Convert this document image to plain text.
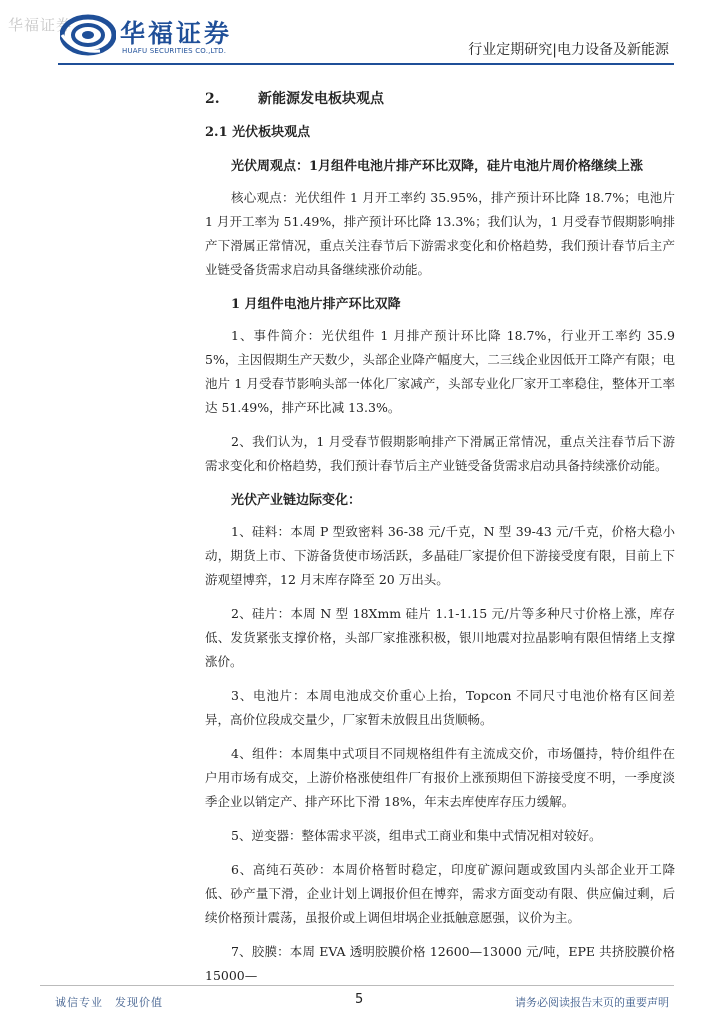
华福证券 华福证券
HUAFU SECURITIES CO.,LTD.	行业定期研究|电力设备及新能源
2.	新能源发电板块观点
2.1 光伏板块观点
光伏周观点：1月组件电池片排产环比双降，硅片电池片周价格继续上涨
核心观点：光伏组件 1 月开工率约 35.95%，排产预计环比降 18.7%；电池片 1 月开工率为 51.49%，排产预计环比降 13.3%；我们认为，1 月受春节假期影响排产下滑属正常情况，重点关注春节后下游需求变化和价格趋势，我们预计春节后主产业链受备货需求启动具备继续涨价动能。
1 月组件电池片排产环比双降
1、事件简介：光伏组件 1 月排产预计环比降 18.7%，行业开工率约 35.95%，主因假期生产天数少，头部企业降产幅度大，二三线企业因低开工降产有限；电池片 1 月受春节影响头部一体化厂家减产，头部专业化厂家开工率稳住，整体开工率达 51.49%，排产环比减 13.3%。
2、我们认为，1 月受春节假期影响排产下滑属正常情况，重点关注春节后下游需求变化和价格趋势，我们预计春节后主产业链受备货需求启动具备持续涨价动能。
光伏产业链边际变化：
1、硅料：本周 P 型致密料 36-38 元/千克，N 型 39-43 元/千克，价格大稳小动，期货上市、下游备货使市场活跃，多晶硅厂家提价但下游接受度有限，目前上下游观望博弈，12 月末库存降至 20 万出头。
2、硅片：本周 N 型 18Xmm 硅片 1.1-1.15 元/片等多种尺寸价格上涨，库存低、发货紧张支撑价格，头部厂家推涨积极，银川地震对拉晶影响有限但情绪上支撑涨价。
3、电池片：本周电池成交价重心上抬，Topcon 不同尺寸电池价格有区间差异，高价位段成交量少，厂家暂未放假且出货顺畅。
4、组件：本周集中式项目不同规格组件有主流成交价，市场僵持，特价组件在户用市场有成交，上游价格涨使组件厂有报价上涨预期但下游接受度不明，一季度淡季企业以销定产、排产环比下滑 18%，年末去库使库存压力缓解。
5、逆变器：整体需求平淡，组串式工商业和集中式情况相对较好。
6、高纯石英砂：本周价格暂时稳定，印度矿源问题或致国内头部企业开工降低、砂产量下滑，企业计划上调报价但在博弈，需求方面变动有限、供应偏过剩，后续价格预计震荡，虽报价或上调但坩埚企业抵触意愿强，议价为主。
7、胶膜：本周 EVA 透明胶膜价格 12600—13000 元/吨，EPE 共挤胶膜价格 15000—
诚信专业　发现价值	5	请务必阅读报告末页的重要声明
